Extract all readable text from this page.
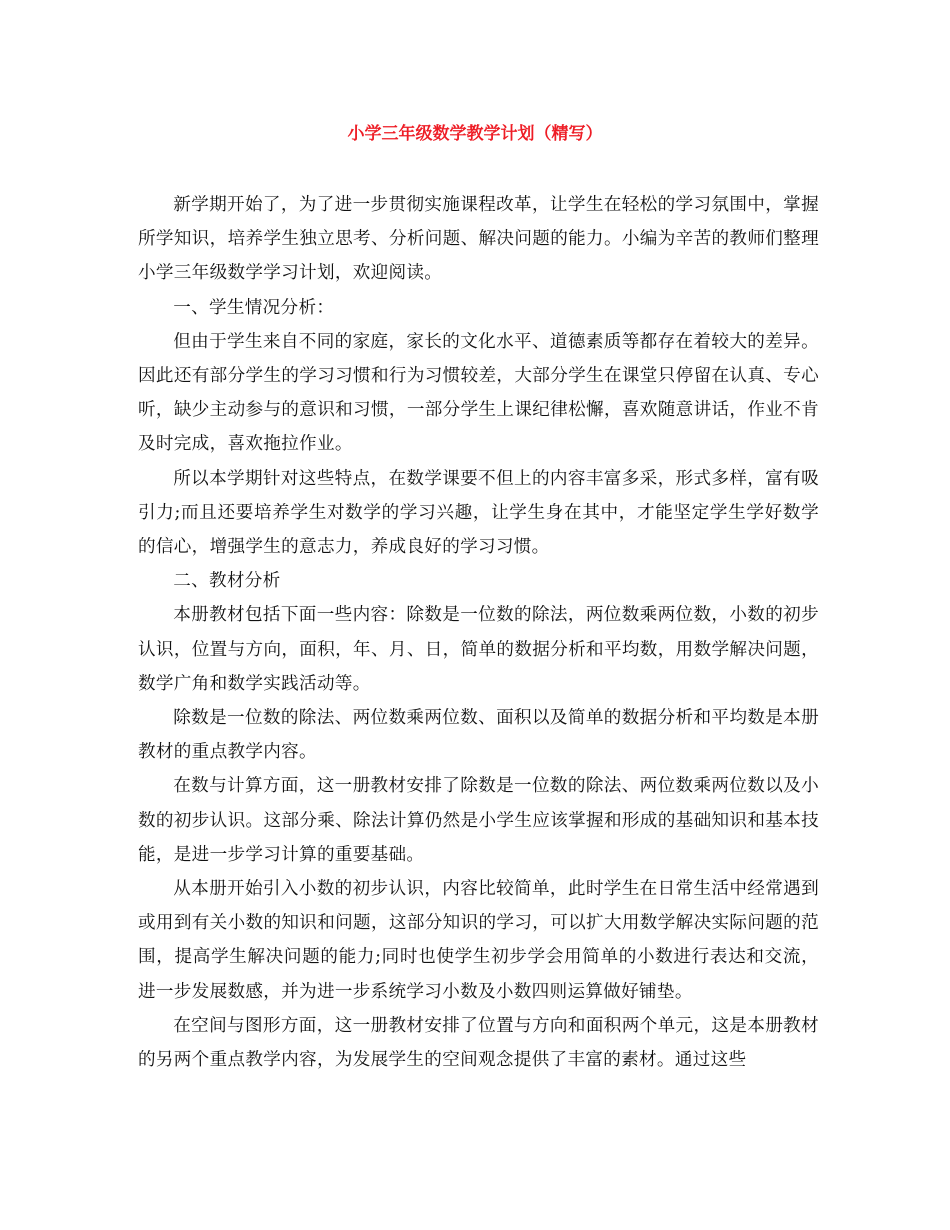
小学三年级数学教学计划（精写）

新学期开始了，为了进一步贯彻实施课程改革，让学生在轻松的学习氛围中，掌握所学知识，培养学生独立思考、分析问题、解决问题的能力。小编为辛苦的教师们整理小学三年级数学学习计划，欢迎阅读。

一、学生情况分析：

但由于学生来自不同的家庭，家长的文化水平、道德素质等都存在着较大的差异。因此还有部分学生的学习习惯和行为习惯较差，大部分学生在课堂只停留在认真、专心听，缺少主动参与的意识和习惯，一部分学生上课纪律松懈，喜欢随意讲话，作业不肯及时完成，喜欢拖拉作业。

所以本学期针对这些特点，在数学课要不但上的内容丰富多采，形式多样，富有吸引力;而且还要培养学生对数学的学习兴趣，让学生身在其中，才能坚定学生学好数学的信心，增强学生的意志力，养成良好的学习习惯。

二、教材分析

本册教材包括下面一些内容：除数是一位数的除法，两位数乘两位数，小数的初步认识，位置与方向，面积，年、月、日，简单的数据分析和平均数，用数学解决问题，数学广角和数学实践活动等。

除数是一位数的除法、两位数乘两位数、面积以及简单的数据分析和平均数是本册教材的重点教学内容。

在数与计算方面，这一册教材安排了除数是一位数的除法、两位数乘两位数以及小数的初步认识。这部分乘、除法计算仍然是小学生应该掌握和形成的基础知识和基本技能，是进一步学习计算的重要基础。

从本册开始引入小数的初步认识，内容比较简单，此时学生在日常生活中经常遇到或用到有关小数的知识和问题，这部分知识的学习，可以扩大用数学解决实际问题的范围，提高学生解决问题的能力;同时也使学生初步学会用简单的小数进行表达和交流，进一步发展数感，并为进一步系统学习小数及小数四则运算做好铺垫。

在空间与图形方面，这一册教材安排了位置与方向和面积两个单元，这是本册教材的另两个重点教学内容，为发展学生的空间观念提供了丰富的素材。通过这些
